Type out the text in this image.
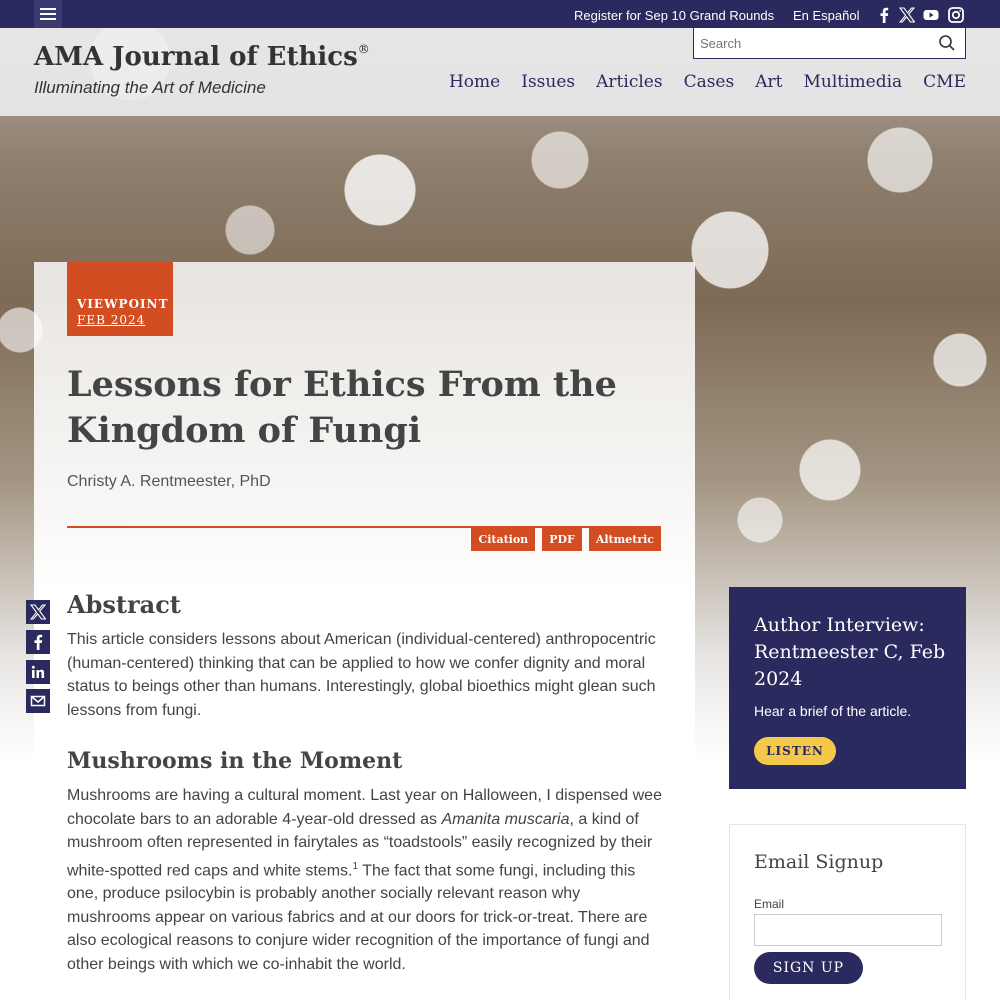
Register for Sep 10 Grand Rounds En Español
AMA Journal of Ethics®
Illuminating the Art of Medicine
Search	Home Issues Articles Cases Art Multimedia CME
VIEWPOINT
FEB 2024
Lessons for Ethics From the Kingdom of Fungi
Christy A. Rentmeester, PhD
Citation	PDF	Altmetric
Abstract

This article considers lessons about American (individual-centered) anthropocentric (human-centered) thinking that can be applied to how we confer dignity and moral status to beings other than humans. Interestingly, global bioethics might glean such lessons from fungi.

Mushrooms in the Moment

Mushrooms are having a cultural moment. Last year on Halloween, I dispensed wee chocolate bars to an adorable 4-year-old dressed as Amanita muscaria, a kind of mushroom often represented in fairytales as “toadstools” easily recognized by their white-spotted red caps and white stems.$^1$ The fact that some fungi, including this one, produce psilocybin is probably another socially relevant reason why mushrooms appear on various fabrics and at our doors for trick-or-treat. There are also ecological reasons to conjure wider recognition of the importance of fungi and other beings with which we co-inhabit the world.

Author Interview: Rentmeester C, Feb 2024
Hear a brief of the article.
LISTEN
Email Signup
Email
SIGN UP
